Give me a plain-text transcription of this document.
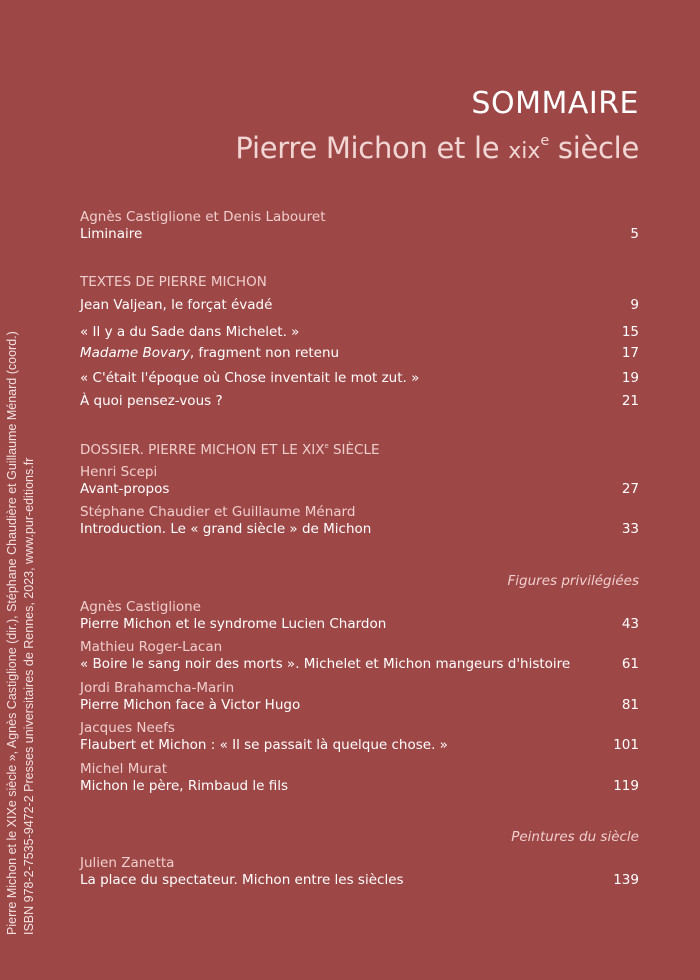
SOMMAIRE
Pierre Michon et le xix$^e$ siècle
Agnès Castiglione et Denis Labouret
Liminaire	5
TEXTES DE PIERRE MICHON
Jean Valjean, le forçat évadé	9
« Il y a du Sade dans Michelet. »	15
Madame Bovary, fragment non retenu	17
« C'était l'époque où Chose inventait le mot zut. »	19
À quoi pensez-vous ?	21
DOSSIER. PIERRE MICHON ET LE XIXe SIÈCLE
Henri Scepi
Avant-propos	27
Stéphane Chaudier et Guillaume Ménard
Introduction. Le « grand siècle » de Michon	33
Figures privilégiées
Agnès Castiglione
Pierre Michon et le syndrome Lucien Chardon	43
Mathieu Roger-Lacan
« Boire le sang noir des morts ». Michelet et Michon mangeurs d'histoire	61
Jordi Brahamcha-Marin
Pierre Michon face à Victor Hugo	81
Jacques Neefs
Flaubert et Michon : « Il se passait là quelque chose. »	101
Michel Murat
Michon le père, Rimbaud le fils	119
Peintures du siècle
Julien Zanetta
La place du spectateur. Michon entre les siècles	139
Pierre Michon et le XIXe siècle », Agnès Castiglione (dir.), Stéphane Chaudière et Guillaume Ménard (coord.) ISBN 978-2-7535-9472-2 Presses universitaires de Rennes, 2023, www.pur-editions.fr
